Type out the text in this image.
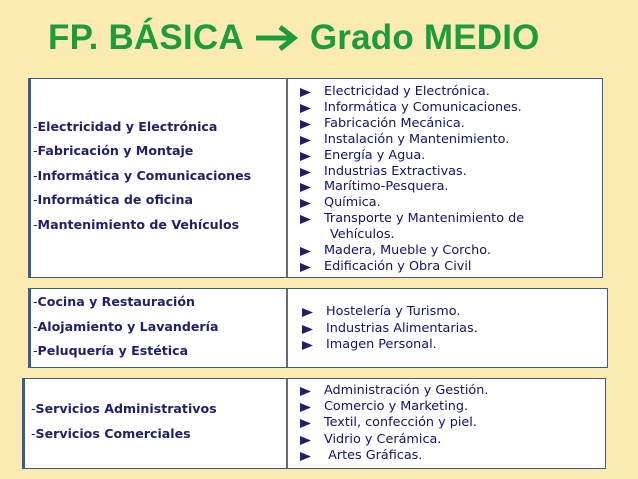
FP. BÁSICA Grado MEDIO
-Electricidad y Electrónica
-Fabricación y Montaje
-Informática y Comunicaciones
-Informática de oficina
-Mantenimiento de Vehículos
Electricidad y Electrónica.
Informática y Comunicaciones.
Fabricación Mecánica.
Instalación y Mantenimiento.
Energía y Agua.
Industrias Extractivas.
Marítimo-Pesquera.
Química.
Transporte y Mantenimiento de
Vehículos.
Madera, Mueble y Corcho.
Edificación y Obra Civil
-Cocina y Restauración
-Alojamiento y Lavandería
-Peluquería y Estética
Hostelería y Turismo.
Industrias Alimentarias.
Imagen Personal.
-Servicios Administrativos
-Servicios Comerciales
Administración y Gestión.
Comercio y Marketing.
Textil, confección y piel.
Vidrio y Cerámica.
Artes Gráficas.
